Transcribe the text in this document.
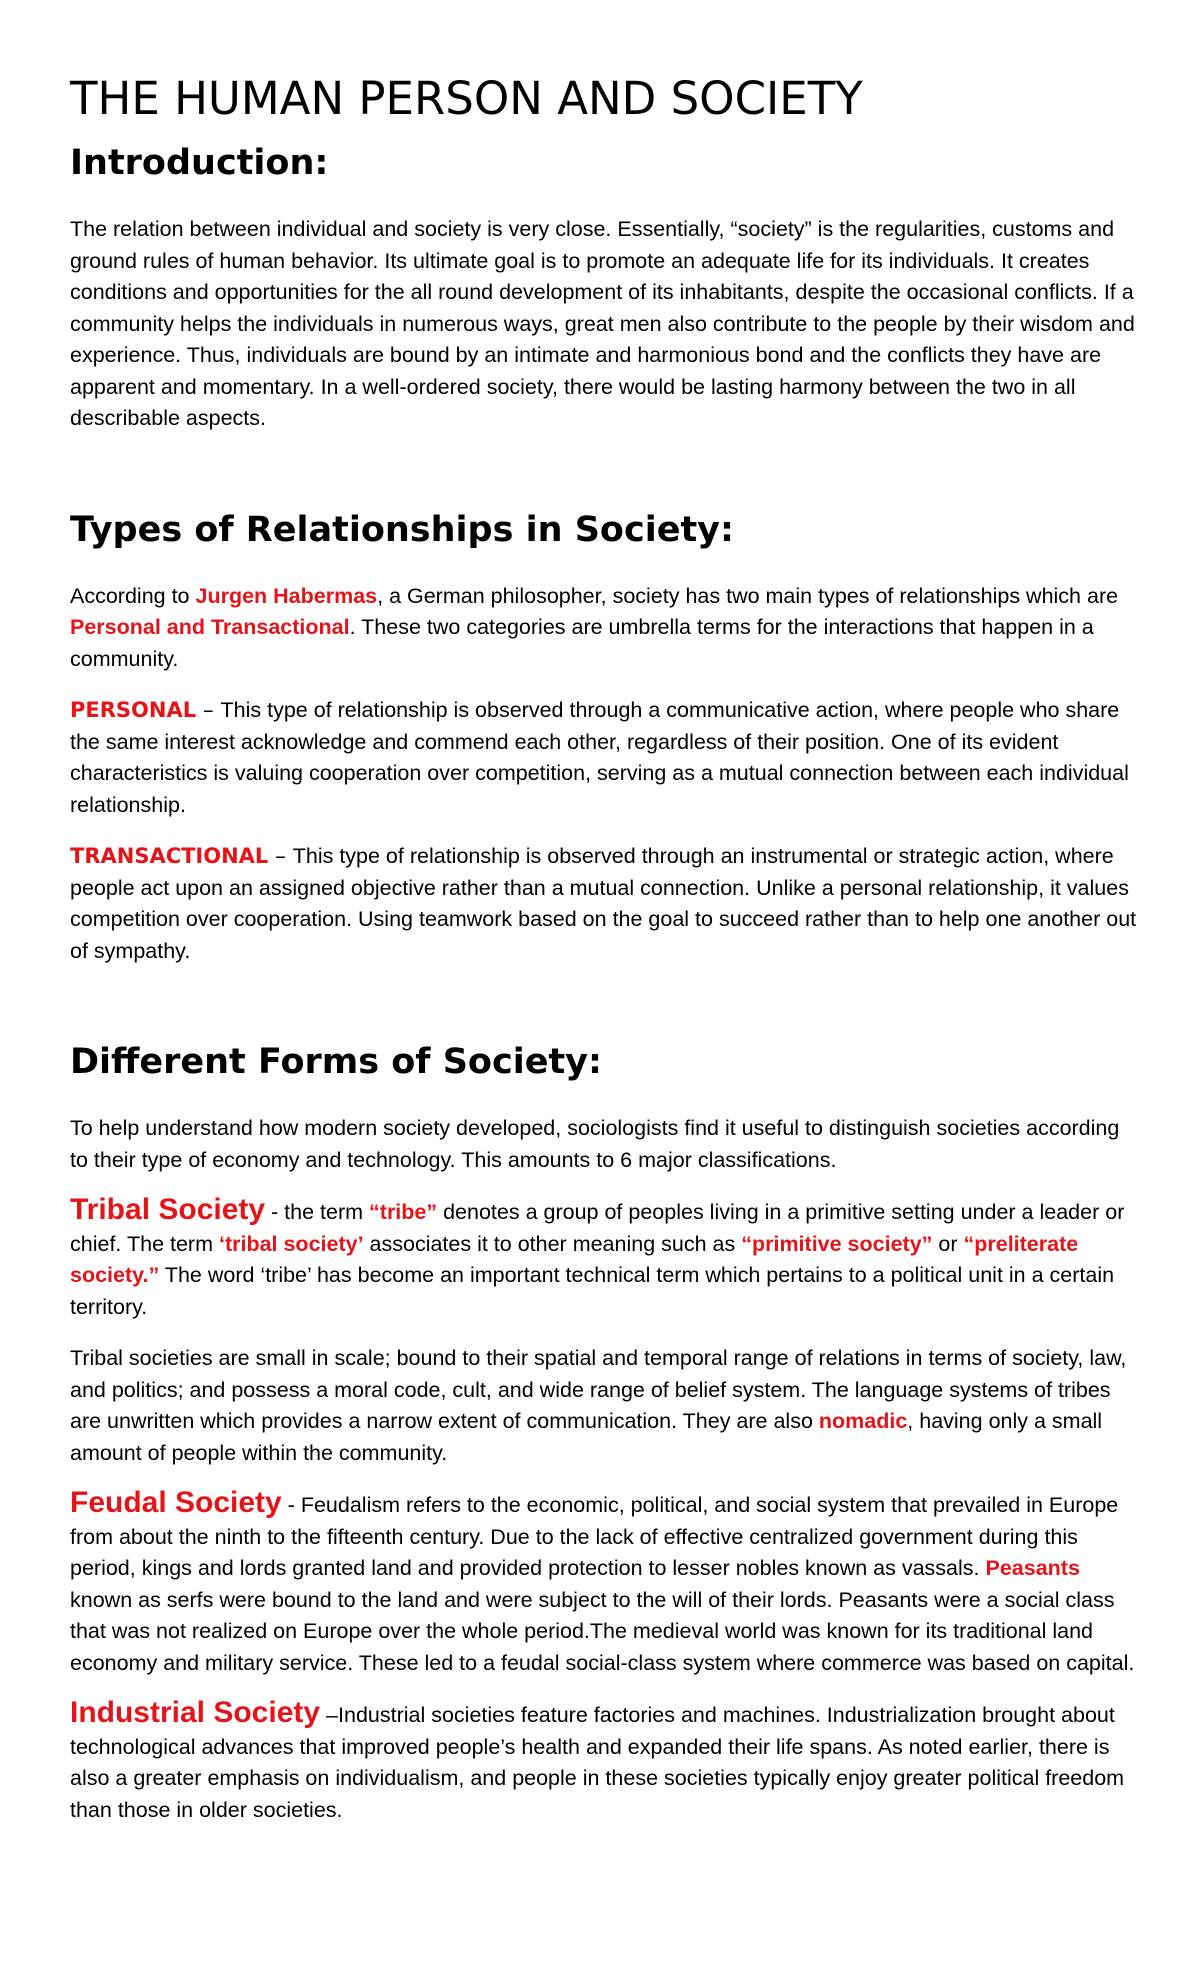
THE HUMAN PERSON AND SOCIETY
Introduction:

The relation between individual and society is very close. Essentially, “society” is the regularities, customs and ground rules of human behavior. Its ultimate goal is to promote an adequate life for its individuals. It creates conditions and opportunities for the all round development of its inhabitants, despite the occasional conflicts. If a community helps the individuals in numerous ways, great men also contribute to the people by their wisdom and experience. Thus, individuals are bound by an intimate and harmonious bond and the conflicts they have are apparent and momentary. In a well-ordered society, there would be lasting harmony between the two in all describable aspects.

Types of Relationships in Society:

According to Jurgen Habermas, a German philosopher, society has two main types of relationships which are Personal and Transactional. These two categories are umbrella terms for the interactions that happen in a community.

PERSONAL – This type of relationship is observed through a communicative action, where people who share the same interest acknowledge and commend each other, regardless of their position. One of its evident characteristics is valuing cooperation over competition, serving as a mutual connection between each individual relationship.

TRANSACTIONAL – This type of relationship is observed through an instrumental or strategic action, where people act upon an assigned objective rather than a mutual connection. Unlike a personal relationship, it values competition over cooperation. Using teamwork based on the goal to succeed rather than to help one another out of sympathy.

Different Forms of Society:

To help understand how modern society developed, sociologists find it useful to distinguish societies according to their type of economy and technology. This amounts to 6 major classifications.

Tribal Society - the term “tribe” denotes a group of peoples living in a primitive setting under a leader or chief. The term ‘tribal society’ associates it to other meaning such as “primitive society” or “preliterate society.” The word ‘tribe’ has become an important technical term which pertains to a political unit in a certain territory.

Tribal societies are small in scale; bound to their spatial and temporal range of relations in terms of society, law, and politics; and possess a moral code, cult, and wide range of belief system. The language systems of tribes are unwritten which provides a narrow extent of communication. They are also nomadic, having only a small amount of people within the community.

Feudal Society - Feudalism refers to the economic, political, and social system that prevailed in Europe from about the ninth to the fifteenth century. Due to the lack of effective centralized government during this period, kings and lords granted land and provided protection to lesser nobles known as vassals. Peasants known as serfs were bound to the land and were subject to the will of their lords. Peasants were a social class that was not realized on Europe over the whole period.The medieval world was known for its traditional land economy and military service. These led to a feudal social-class system where commerce was based on capital.

Industrial Society –Industrial societies feature factories and machines. Industrialization brought about technological advances that improved people’s health and expanded their life spans. As noted earlier, there is also a greater emphasis on individualism, and people in these societies typically enjoy greater political freedom than those in older societies.
